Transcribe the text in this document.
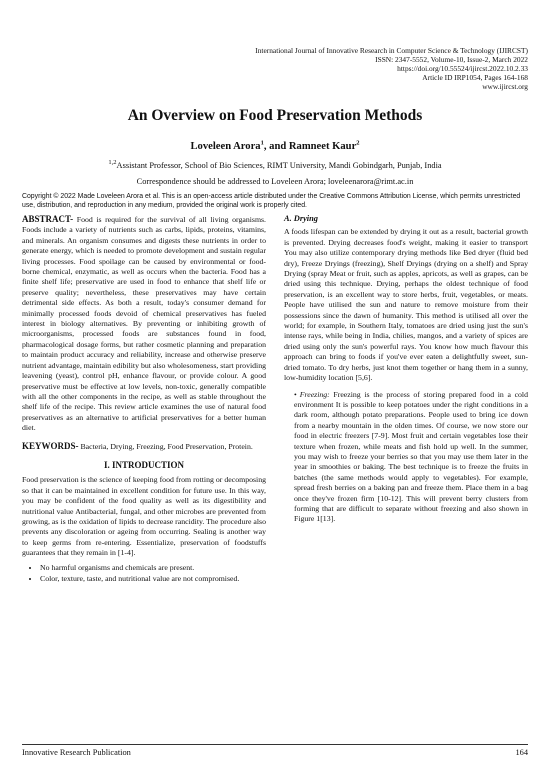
International Journal of Innovative Research in Computer Science & Technology (IJIRCST)
ISSN: 2347-5552, Volume-10, Issue-2, March 2022
https://doi.org/10.55524/ijircst.2022.10.2.33
Article ID IRP1054, Pages 164-168
www.ijircst.org
An Overview on Food Preservation Methods
Loveleen Arora$^1$, and Ramneet Kaur$^2$
$^{1,2}$Assistant Professor, School of Bio Sciences, RIMT University, Mandi Gobindgarh, Punjab, India
Correspondence should be addressed to Loveleen Arora; loveleenarora@rimt.ac.in
Copyright © 2022 Made Loveleen Arora et al. This is an open-access article distributed under the Creative Commons Attribution License, which permits unrestricted use, distribution, and reproduction in any medium, provided the original work is properly cited.

ABSTRACT- Food is required for the survival of all living organisms. Foods include a variety of nutrients such as carbs, lipids, proteins, vitamins, and minerals. An organism consumes and digests these nutrients in order to generate energy, which is needed to promote development and sustain regular living processes. Food spoilage can be caused by environmental or food-borne chemical, enzymatic, as well as occurs when the bacteria. Food has a finite shelf life; preservative are used in food to enhance that shelf life or preserve quality; nevertheless, these preservatives may have certain detrimental side effects. As both a result, today's consumer demand for minimally processed foods devoid of chemical preservatives has fueled interest in biology alternatives. By preventing or inhibiting growth of microorganisms, processed foods are substances found in food, pharmacological dosage forms, but rather cosmetic planning and preparation to maintain product accuracy and reliability, increase and otherwise preserve nutrient advantage, maintain edibility but also wholesomeness, start providing leavening (yeast), control pH, enhance flavour, or provide colour. A good preservative must be effective at low levels, non-toxic, generally compatible with all the other components in the recipe, as well as stable throughout the shelf life of the recipe. This review article examines the use of natural food preservatives as an alternative to artificial preservatives for a better human diet.

KEYWORDS- Bacteria, Drying, Freezing, Food Preservation, Protein.

I. INTRODUCTION

Food preservation is the science of keeping food from rotting or decomposing so that it can be maintained in excellent condition for future use. In this way, you may be confident of the food quality as well as its digestibility and nutritional value Antibacterial, fungal, and other microbes are prevented from growing, as is the oxidation of lipids to decrease rancidity. The procedure also prevents any discoloration or ageing from occurring. Sealing is another way to keep germs from re-entering. Essentialize, preservation of foodstuffs guarantees that they remain in [1-4].

• No harmful organisms and chemicals are present.
• Color, texture, taste, and nutritional value are not compromised.
A. Drying

A foods lifespan can be extended by drying it out as a result, bacterial growth is prevented. Drying decreases food's weight, making it easier to transport You may also utilize contemporary drying methods like Bed dryer (fluid bed dry), Freeze Dryings (freezing), Shelf Dryings (drying on a shelf) and Spray Drying (spray Meat or fruit, such as apples, apricots, as well as grapes, can be dried using this technique. Drying, perhaps the oldest technique of food preservation, is an excellent way to store herbs, fruit, vegetables, or meats. People have utilised the sun and nature to remove moisture from their possessions since the dawn of humanity. This method is utilised all over the world; for example, in Southern Italy, tomatoes are dried using just the sun's intense rays, while being in India, chilies, mangos, and a variety of spices are dried using only the sun's powerful rays. You know how much flavour this approach can bring to foods if you've ever eaten a delightfully sweet, sun-dried tomato. To dry herbs, just knot them together or hang them in a sunny, low-humidity location [5,6].

• Freezing: Freezing is the process of storing prepared food in a cold environment It is possible to keep potatoes under the right conditions in a dark room, although potato preparations. People used to bring ice down from a nearby mountain in the olden times. Of course, we now store our food in electric freezers [7-9]. Most fruit and certain vegetables lose their texture when frozen, while meats and fish hold up well. In the summer, you may wish to freeze your berries so that you may use them later in the year in smoothies or baking. The best technique is to freeze the fruits in batches (the same methods would apply to vegetables). For example, spread fresh berries on a baking pan and freeze them. Place them in a bag once they've frozen firm [10-12]. This will prevent berry clusters from forming that are difficult to separate without freezing and also shown in Figure 1[13].
Innovative Research Publication	164
